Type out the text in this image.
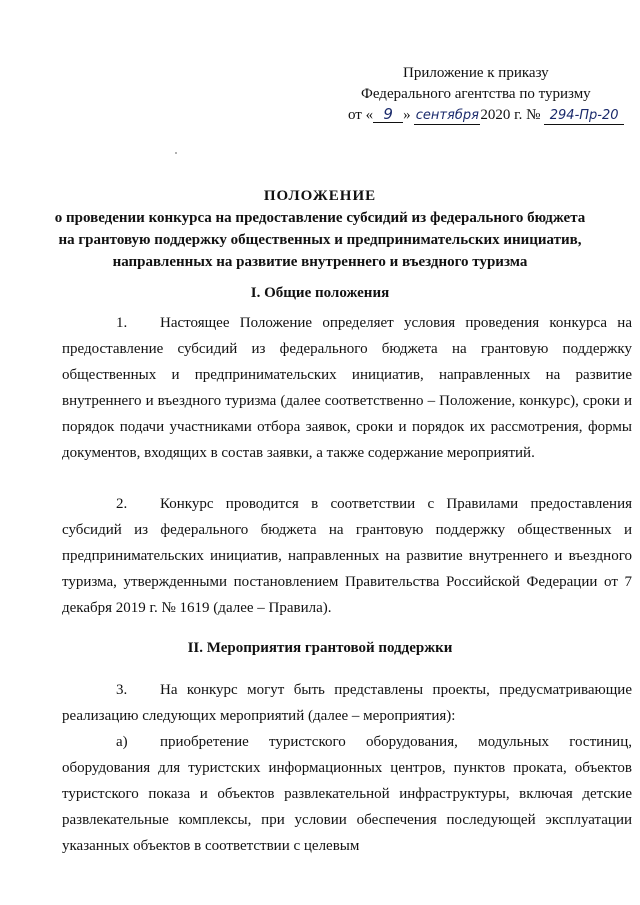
Приложение к приказу
Федерального агентства по туризму
от « 9 » сентября2020 г. № 294-Пр-20
ПОЛОЖЕНИЕ
о проведении конкурса на предоставление субсидий из федерального бюджета
на грантовую поддержку общественных и предпринимательских инициатив,
направленных на развитие внутреннего и въездного туризма
I. Общие положения
1. Настоящее Положение определяет условия проведения конкурса на предоставление субсидий из федерального бюджета на грантовую поддержку общественных и предпринимательских инициатив, направленных на развитие внутреннего и въездного туризма (далее соответственно – Положение, конкурс), сроки и порядок подачи участниками отбора заявок, сроки и порядок их рассмотрения, формы документов, входящих в состав заявки, а также содержание мероприятий.
2. Конкурс проводится в соответствии с Правилами предоставления субсидий из федерального бюджета на грантовую поддержку общественных и предпринимательских инициатив, направленных на развитие внутреннего и въездного туризма, утвержденными постановлением Правительства Российской Федерации от 7 декабря 2019 г. № 1619 (далее – Правила).
II. Мероприятия грантовой поддержки
3. На конкурс могут быть представлены проекты, предусматривающие реализацию следующих мероприятий (далее – мероприятия):
а) приобретение туристского оборудования, модульных гостиниц, оборудования для туристских информационных центров, пунктов проката, объектов туристского показа и объектов развлекательной инфраструктуры, включая детские развлекательные комплексы, при условии обеспечения последующей эксплуатации указанных объектов в соответствии с целевым
